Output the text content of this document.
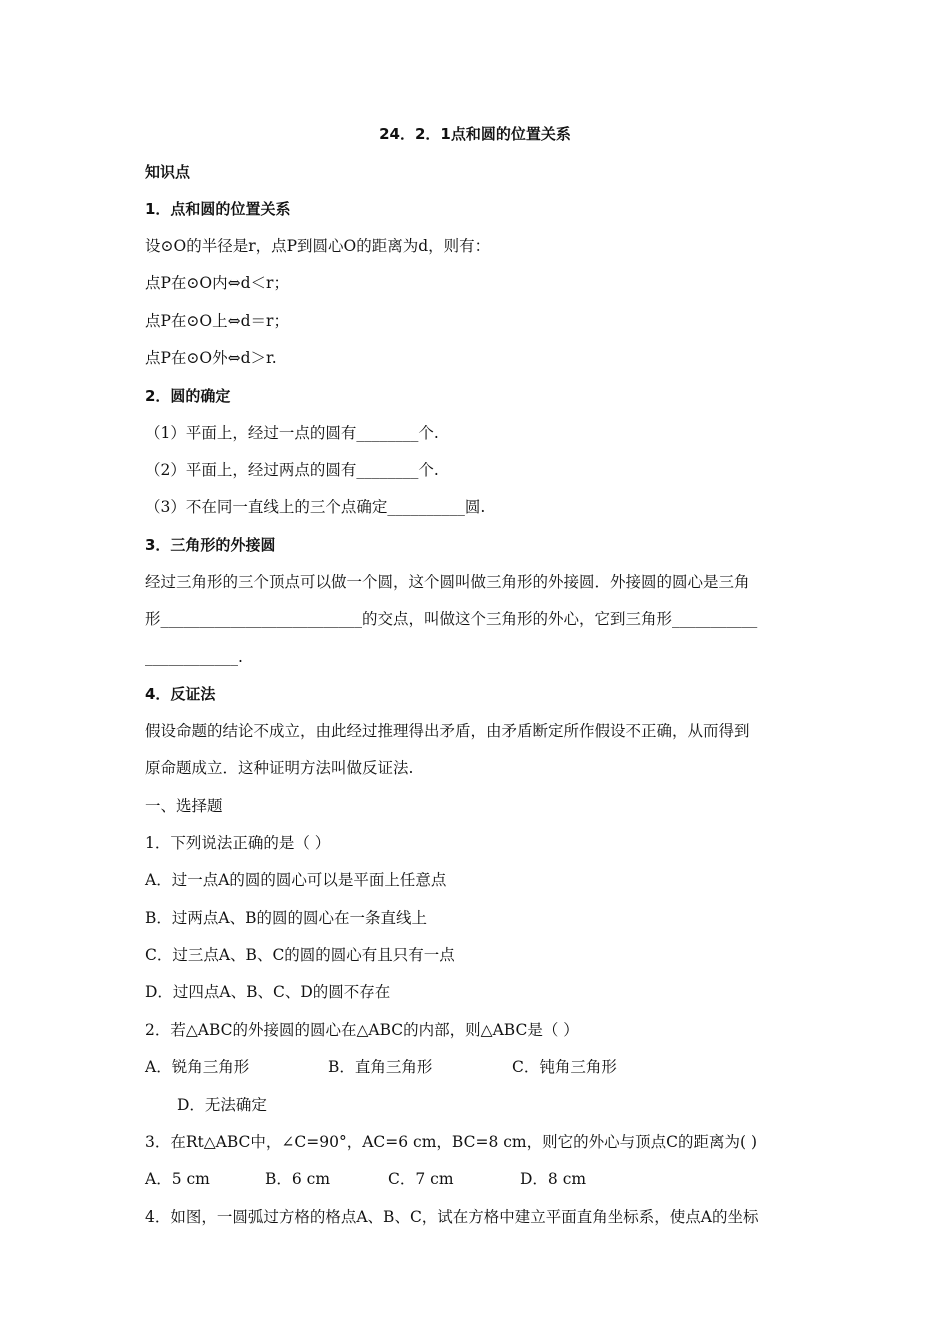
24．2．1点和圆的位置关系
知识点
1．点和圆的位置关系
设⊙O的半径是r，点P到圆心O的距离为d，则有：
点P在⊙O内⇔d＜r；
点P在⊙O上⇔d＝r；
点P在⊙O外⇔d＞r.
2．圆的确定
（1）平面上，经过一点的圆有________个.
（2）平面上，经过两点的圆有________个.
（3）不在同一直线上的三个点确定__________圆.
3．三角形的外接圆
经过三角形的三个顶点可以做一个圆，这个圆叫做三角形的外接圆．外接圆的圆心是三角
形__________________________的交点，叫做这个三角形的外心，它到三角形___________
____________.
4．反证法
假设命题的结论不成立，由此经过推理得出矛盾，由矛盾断定所作假设不正确，从而得到
原命题成立．这种证明方法叫做反证法.
一、选择题
1．下列说法正确的是（ ）
A．过一点A的圆的圆心可以是平面上任意点
B．过两点A、B的圆的圆心在一条直线上
C．过三点A、B、C的圆的圆心有且只有一点
D．过四点A、B、C、D的圆不存在
2．若△ABC的外接圆的圆心在△ABC的内部，则△ABC是（ ）
A．锐角三角形	B．直角三角形	C．钝角三角形
D．无法确定
3．在Rt△ABC中，∠C=90°，AC=6 cm，BC=8 cm，则它的外心与顶点C的距离为( )
A．5 cm	B．6 cm	C．7 cm	D．8 cm
4．如图，一圆弧过方格的格点A、B、C，试在方格中建立平面直角坐标系，使点A的坐标
